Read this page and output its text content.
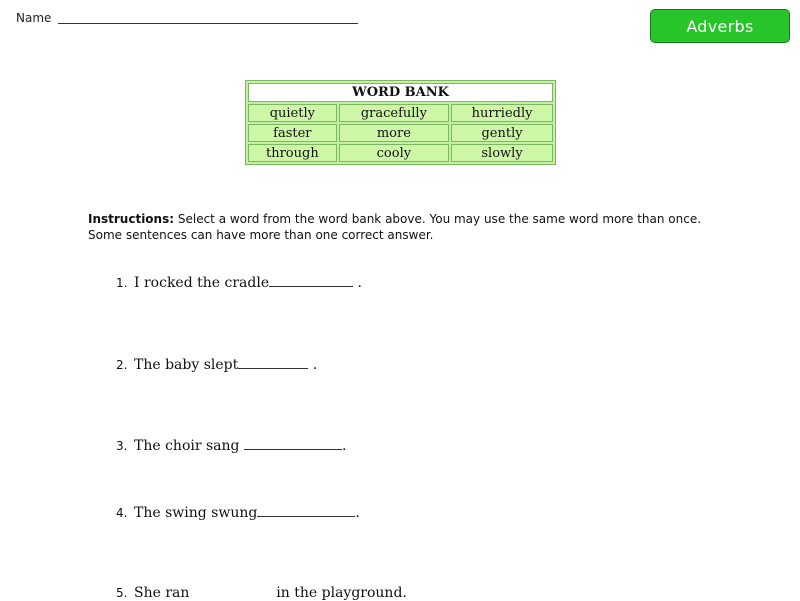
Name	Adverbs
WORD BANK		
quietly	gracefully	hurriedly
faster	more	gently
through	cooly	slowly
Instructions: Select a word from the word bank above. You may use the same word more than once. Some sentences can have more than one correct answer.
1. I rocked the cradle	.
2. The baby slept	.
3. The choir sang	.
4. The swing swung	.
5. She ran	in the playground.
